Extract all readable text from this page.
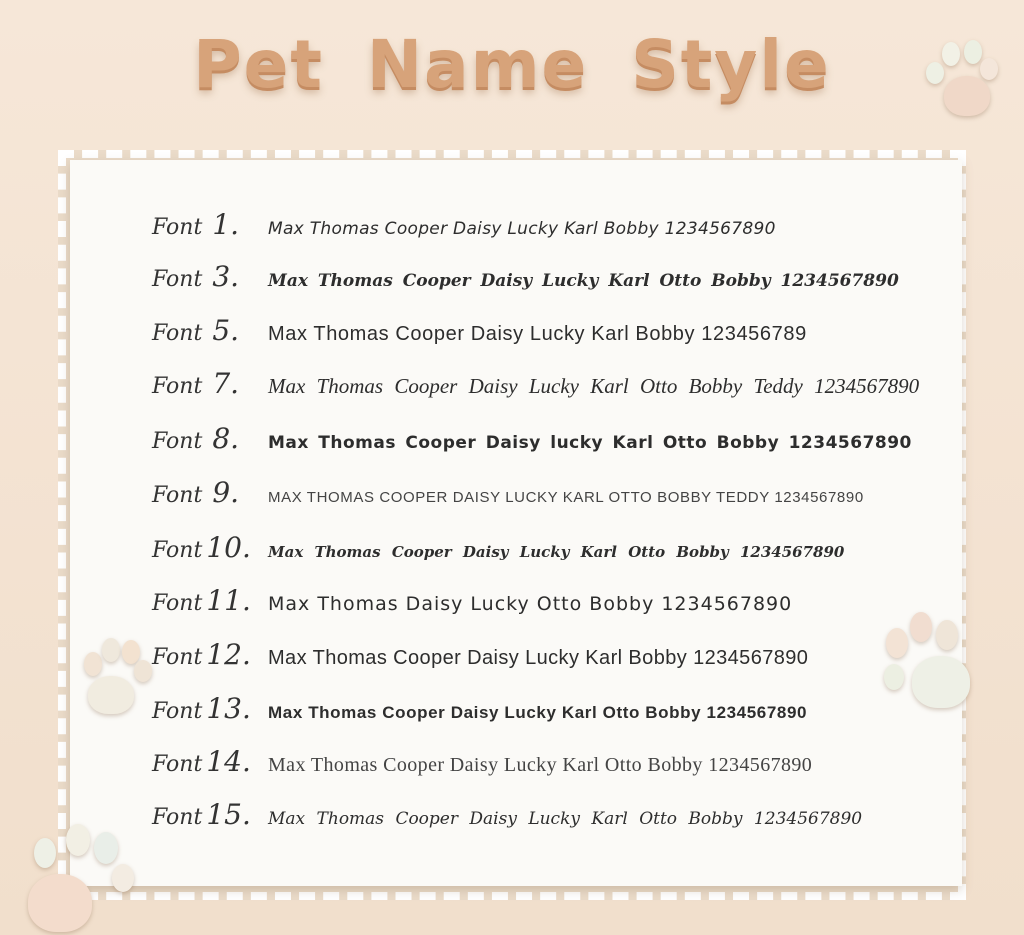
Pet Name Style
Font 1.	Max Thomas Cooper Daisy Lucky Karl Bobby 1234567890
Font 3.	Max Thomas Cooper Daisy Lucky Karl Otto Bobby 1234567890
Font 5.	Max Thomas Cooper Daisy Lucky Karl Bobby 123456789
Font 7.	Max Thomas Cooper Daisy Lucky Karl Otto Bobby Teddy 1234567890
Font 8.	Max Thomas Cooper Daisy lucky Karl Otto Bobby 1234567890
Font 9.	MAX THOMAS COOPER DAISY LUCKY KARL OTTO BOBBY TEDDY 1234567890
Font 10.	Max Thomas Cooper Daisy Lucky Karl Otto Bobby 1234567890
Font 11. Max Thomas Daisy Lucky Otto Bobby 1234567890
Font 12. Max Thomas Cooper Daisy Lucky Karl Bobby 1234567890
Font 13.	Max Thomas Cooper Daisy Lucky Karl Otto Bobby 1234567890
Font 14. Max Thomas Cooper Daisy Lucky Karl Otto Bobby 1234567890
Font 15.	Max Thomas Cooper Daisy Lucky Karl Otto Bobby 1234567890
